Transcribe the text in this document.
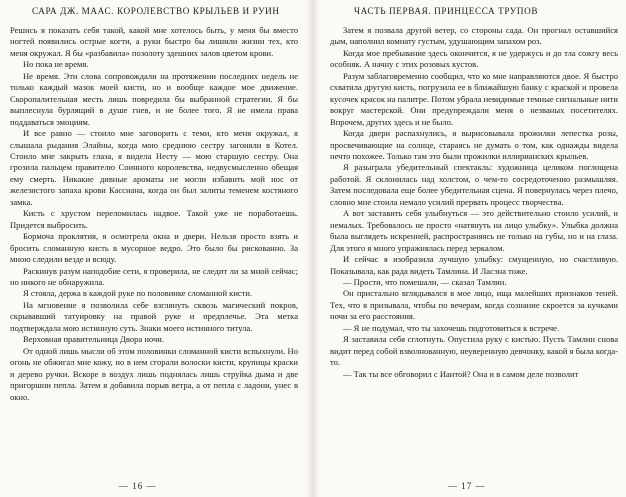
САРА ДЖ. МААС. КОРОЛЕВСТВО КРЫЛЬЕВ И РУИН

Решись я показать себя такой, какой мне хотелось быть, у меня бы вместо ногтей появились острые когти, а руки быстро бы лишили жизни тех, кто меня окружал. Я бы «разбавила» позолоту здешних залов цветом крови.

Но пока не время.

Не время. Эти слова сопровождали на протяжении последних недель не только каждый мазок моей кисти, но и вообще каждое мое движение. Скоропалительная месть лишь повредила бы выбранной стратегии. Я бы выплеснула бурлящий в душе гнев, и не более того. Я не имела права поддаваться эмоциям.

И все равно — стоило мне заговорить с теми, кто меня окружал, я слышала рыдания Элайны, когда мою среднюю сестру загоняли в Котел. Стоило мне закрыть глаза, я видела Несту — мою старшую сестру. Она грозила пальцем правителю Соинного королевства, недвусмысленно обещая ему смерть. Никакие дивные ароматы не могли избавить мой нос от железистого запаха крови Кассиана, когда он был залиты теменем костяного замка.

Кисть с хрустом переломилась надвое. Такой уже не поработаешь. Придется выбросить.

Бормоча проклятия, я осмотрела окна и двери. Нельзя просто взять и бросить сломанную кисть в мусорное ведро. Это было бы рискованно. За мною следили везде и всюду.

Раскинув разум наподобие сети, я проверила, не следит ли за мной сейчас; но никого не обнаружила.

Я стояла, держа в каждой руке по половинке сломанной кисти.

На мгновение я позволила себе взглянуть сквозь магический покров, скрывавший татуировку на правой руке и предплечье. Эта метка подтверждала мою истинную суть. Знаки моего истинного титула.

Верховная правительница Двора ночи.

От одной лишь мысли об этом половинки сломанной кисти вспыхнули. Но огонь не обжигал мне кожу, но в нем сгорали волоски кисти, крупицы краски и дерево ручки. Вскоре в воздух лишь поднялась лишь струйка дыма и две пригоршни пепла. Затем я добавила порыв ветра, а от пепла с ладони, унес в окно.

— 16 —
ЧАСТЬ ПЕРВАЯ. ПРИНЦЕССА ТРУПОВ

Затем я позвала другой ветер, со стороны сада. Он прогнал оставшийся дым, наполнил комнату густым, удушающим запахом роз.

Когда мое пребывание здесь окончится, я не удержусь и до тла сожгу весь особняк. А начну с этих розовых кустов.

Разум заблаговременно сообщил, что ко мне направляются двое. Я быстро схватила другую кисть, погрузила ее в ближайшую банку с краской и провела кусочек красок на палитре. Потом убрала невидимые темные сигнальные нити вокруг мастерской. Они предупреждали меня о незваных посетителях. Впрочем, других здесь и не было.

Когда двери распахнулись, я вырисовывала прожилки лепестка розы, просвечивающие на солнце, стараясь не думать о том, как однажды видела нечто похожее. Только там это были прожилки иллирианских крыльев.

Я разыграла убедительный спектакль: художница целиком поглощена работой. Я склонилась над холстом, о чем-то сосредоточенно размышляя. Затем последовала еще более убедительная сцена. Я повернулась через плечо, словно мне стоила немало усилий прервать процесс творчества.

А вот заставить себя улыбнуться — это действительно стоило усилий, и немалых. Требовалось не просто «натянуть на лицо улыбку». Улыбка должна была выглядеть искренней, распространяясь не только на губы, но и на глаза. Для этого я много упражнялась перед зеркалом.

И сейчас я изобразила лучшую улыбку: смущенную, но счастливую. Показывала, как рада видеть Тамлина. И Ласэна тоже.

— Прости, что помешали, — сказал Тамлин.

Он пристально вглядывался в мое лицо, ища малейших признаков теней. Тех, что я призывала, чтобы по вечерам, когда сознание скроется за кучками ночи за его расстояния.

— Я не подумал, что ты захочешь подготовиться к встрече.

Я заставила себя сглотнуть. Опустила руку с кистью. Пусть Тамлин снова видит перед собой взволнованную, неуверенную девчонку, какой я была когда-то.

— Так ты все обговорил с Иантой? Она и в самом деле позволит

— 17 —
